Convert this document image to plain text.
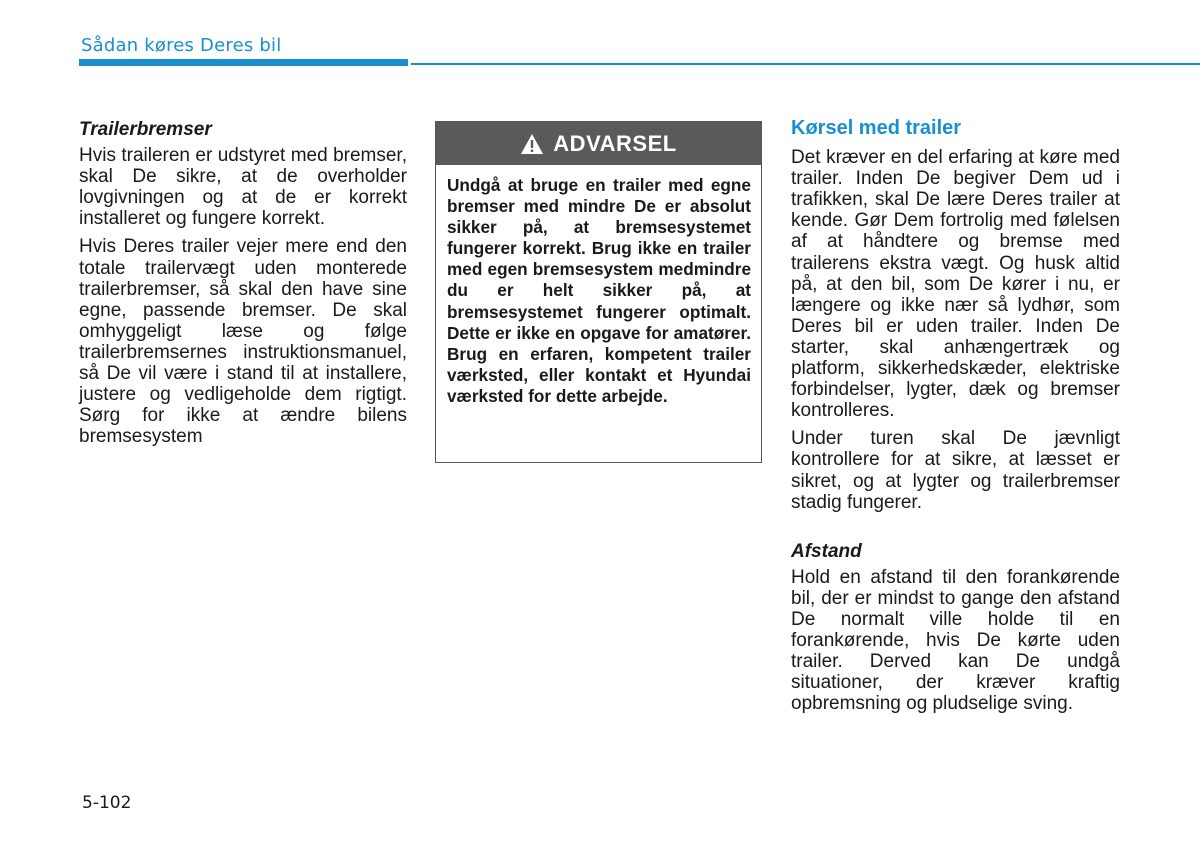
Sådan køres Deres bil
Trailerbremser

Hvis traileren er udstyret med bremser, skal De sikre, at de overholder lovgivningen og at de er korrekt installeret og fungere korrekt.

Hvis Deres trailer vejer mere end den totale trailervægt uden monterede trailerbremser, så skal den have sine egne, passende bremser. De skal omhyggeligt læse og følge trailerbremsernes instruktionsmanuel, så De vil være i stand til at installere, justere og vedligeholde dem rigtigt. Sørg for ikke at ændre bilens bremsesystem

ADVARSEL
Undgå at bruge en trailer med egne bremser med mindre De er absolut sikker på, at bremsesystemet fungerer korrekt. Brug ikke en trailer med egen bremsesystem medmindre du er helt sikker på, at bremsesystemet fungerer optimalt. Dette er ikke en opgave for amatører. Brug en erfaren, kompetent trailer værksted, eller kontakt et Hyundai værksted for dette arbejde.
Kørsel med trailer

Det kræver en del erfaring at køre med trailer. Inden De begiver Dem ud i trafikken, skal De lære Deres trailer at kende. Gør Dem fortrolig med følelsen af at håndtere og bremse med trailerens ekstra vægt. Og husk altid på, at den bil, som De kører i nu, er længere og ikke nær så lydhør, som Deres bil er uden trailer. Inden De starter, skal anhængertræk og platform, sikkerhedskæder, elektriske forbindelser, lygter, dæk og bremser kontrolleres.

Under turen skal De jævnligt kontrollere for at sikre, at læsset er sikret, og at lygter og trailerbremser stadig fungerer.

Afstand

Hold en afstand til den forankørende bil, der er mindst to gange den afstand De normalt ville holde til en forankørende, hvis De kørte uden trailer. Derved kan De undgå situationer, der kræver kraftig opbremsning og pludselige sving.

5-102
